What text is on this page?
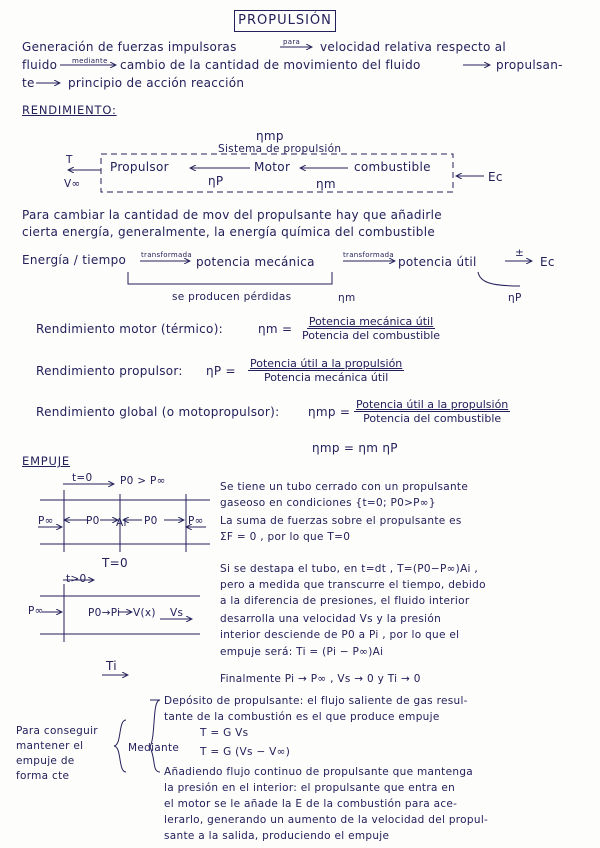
PROPULSIÓN
Generación de fuerzas impulsoras	para velocidad relativa respecto al
fluido mediante cambio de la cantidad de movimiento del fluido	propulsan-
te	principio de acción reacción
RENDIMIENTO:
ηmp
Sistema de propulsión
T
V∞
Propulsor	Motor	combustible
Ec
ηP	ηm
Para cambiar la cantidad de mov del propulsante hay que añadirle
cierta energía, generalmente, la energía química del combustible
Energía / tiempo transformada potencia mecánica	transformada potencia útil
±
Ec
se producen pérdidas	ηm	ηP
Rendimiento motor (térmico):	ηm =
Potencia mecánica útil
Potencia del combustible
Rendimiento propulsor: ηP =
Potencia útil a la propulsión
Potencia mecánica útil
Rendimiento global (o motopropulsor): ηmp =
Potencia útil a la propulsión
Potencia del combustible
ηmp = ηm ηP
EMPUJE
t=0	P0 > P∞
P∞	P0 Ai P0	P∞
T=0
t>0
P∞	P0→Pi V(x) Vs
Ti
Se tiene un tubo cerrado con un propulsante
gaseoso en condiciones {t=0; P0>P∞}
La suma de fuerzas sobre el propulsante es
ΣF = 0 , por lo que T=0
Si se destapa el tubo, en t=dt , T=(P0−P∞)Ai ,
pero a medida que transcurre el tiempo, debido
a la diferencia de presiones, el fluido interior
desarrolla una velocidad Vs y la presión
interior desciende de P0 a Pi , por lo que el
empuje será: Ti = (Pi − P∞)Ai
Finalmente Pi → P∞ , Vs → 0 y Ti → 0
Para conseguir
mantener el
empuje de
forma cte
Mediante
Depósito de propulsante: el flujo saliente de gas resul-
tante de la combustión es el que produce empuje
T = G Vs
T = G (Vs − V∞)
Añadiendo flujo continuo de propulsante que mantenga
la presión en el interior: el propulsante que entra en
el motor se le añade la E de la combustión para ace-
lerarlo, generando un aumento de la velocidad del propul-
sante a la salida, produciendo el empuje
